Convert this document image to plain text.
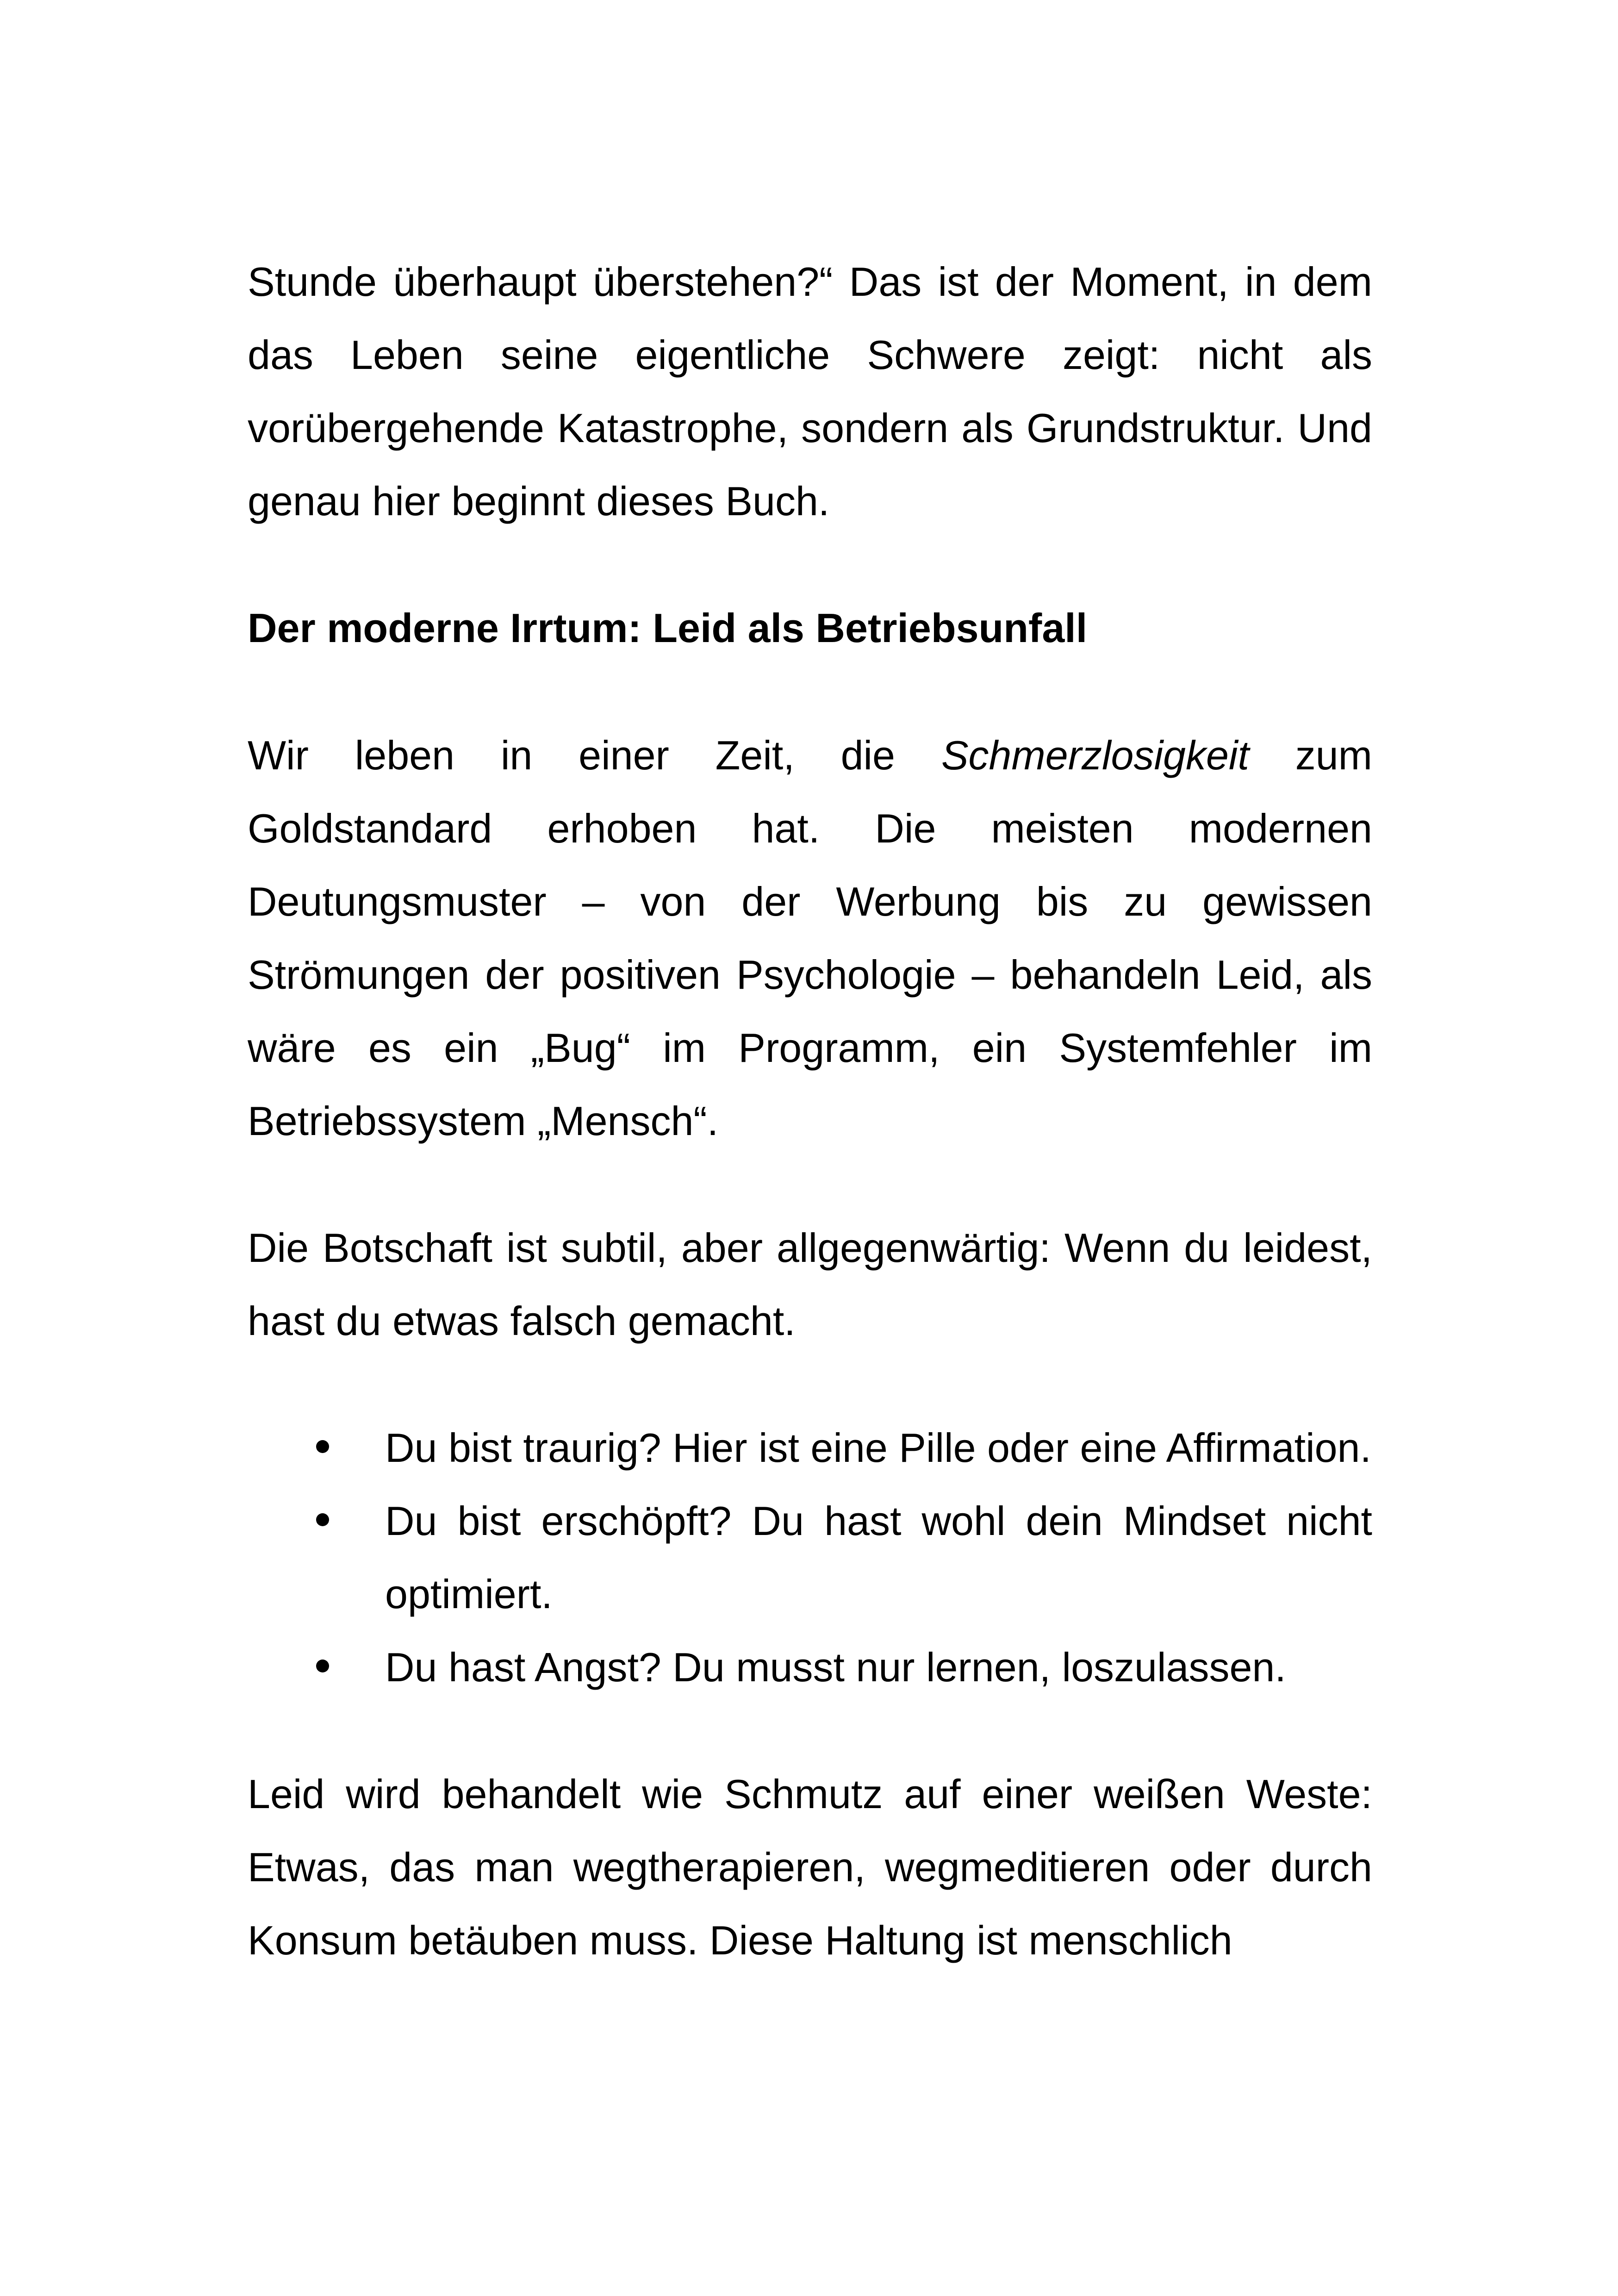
Stunde überhaupt überstehen?“ Das ist der Moment, in dem das Leben seine eigentliche Schwere zeigt: nicht als vorübergehende Katastrophe, sondern als Grundstruktur. Und genau hier beginnt dieses Buch.

Der moderne Irrtum: Leid als Betriebsunfall

Wir leben in einer Zeit, die Schmerzlosigkeit zum Goldstandard erhoben hat. Die meisten modernen Deutungsmuster – von der Werbung bis zu gewissen Strömungen der positiven Psychologie – behandeln Leid, als wäre es ein „Bug“ im Programm, ein Systemfehler im Betriebssystem „Mensch“.

Die Botschaft ist subtil, aber allgegenwärtig: Wenn du leidest, hast du etwas falsch gemacht.

Du bist traurig? Hier ist eine Pille oder eine Affirmation.
Du bist erschöpft? Du hast wohl dein Mindset nicht optimiert.
Du hast Angst? Du musst nur lernen, loszulassen.

Leid wird behandelt wie Schmutz auf einer weißen Weste: Etwas, das man wegtherapieren, wegmeditieren oder durch Konsum betäuben muss. Diese Haltung ist menschlich
